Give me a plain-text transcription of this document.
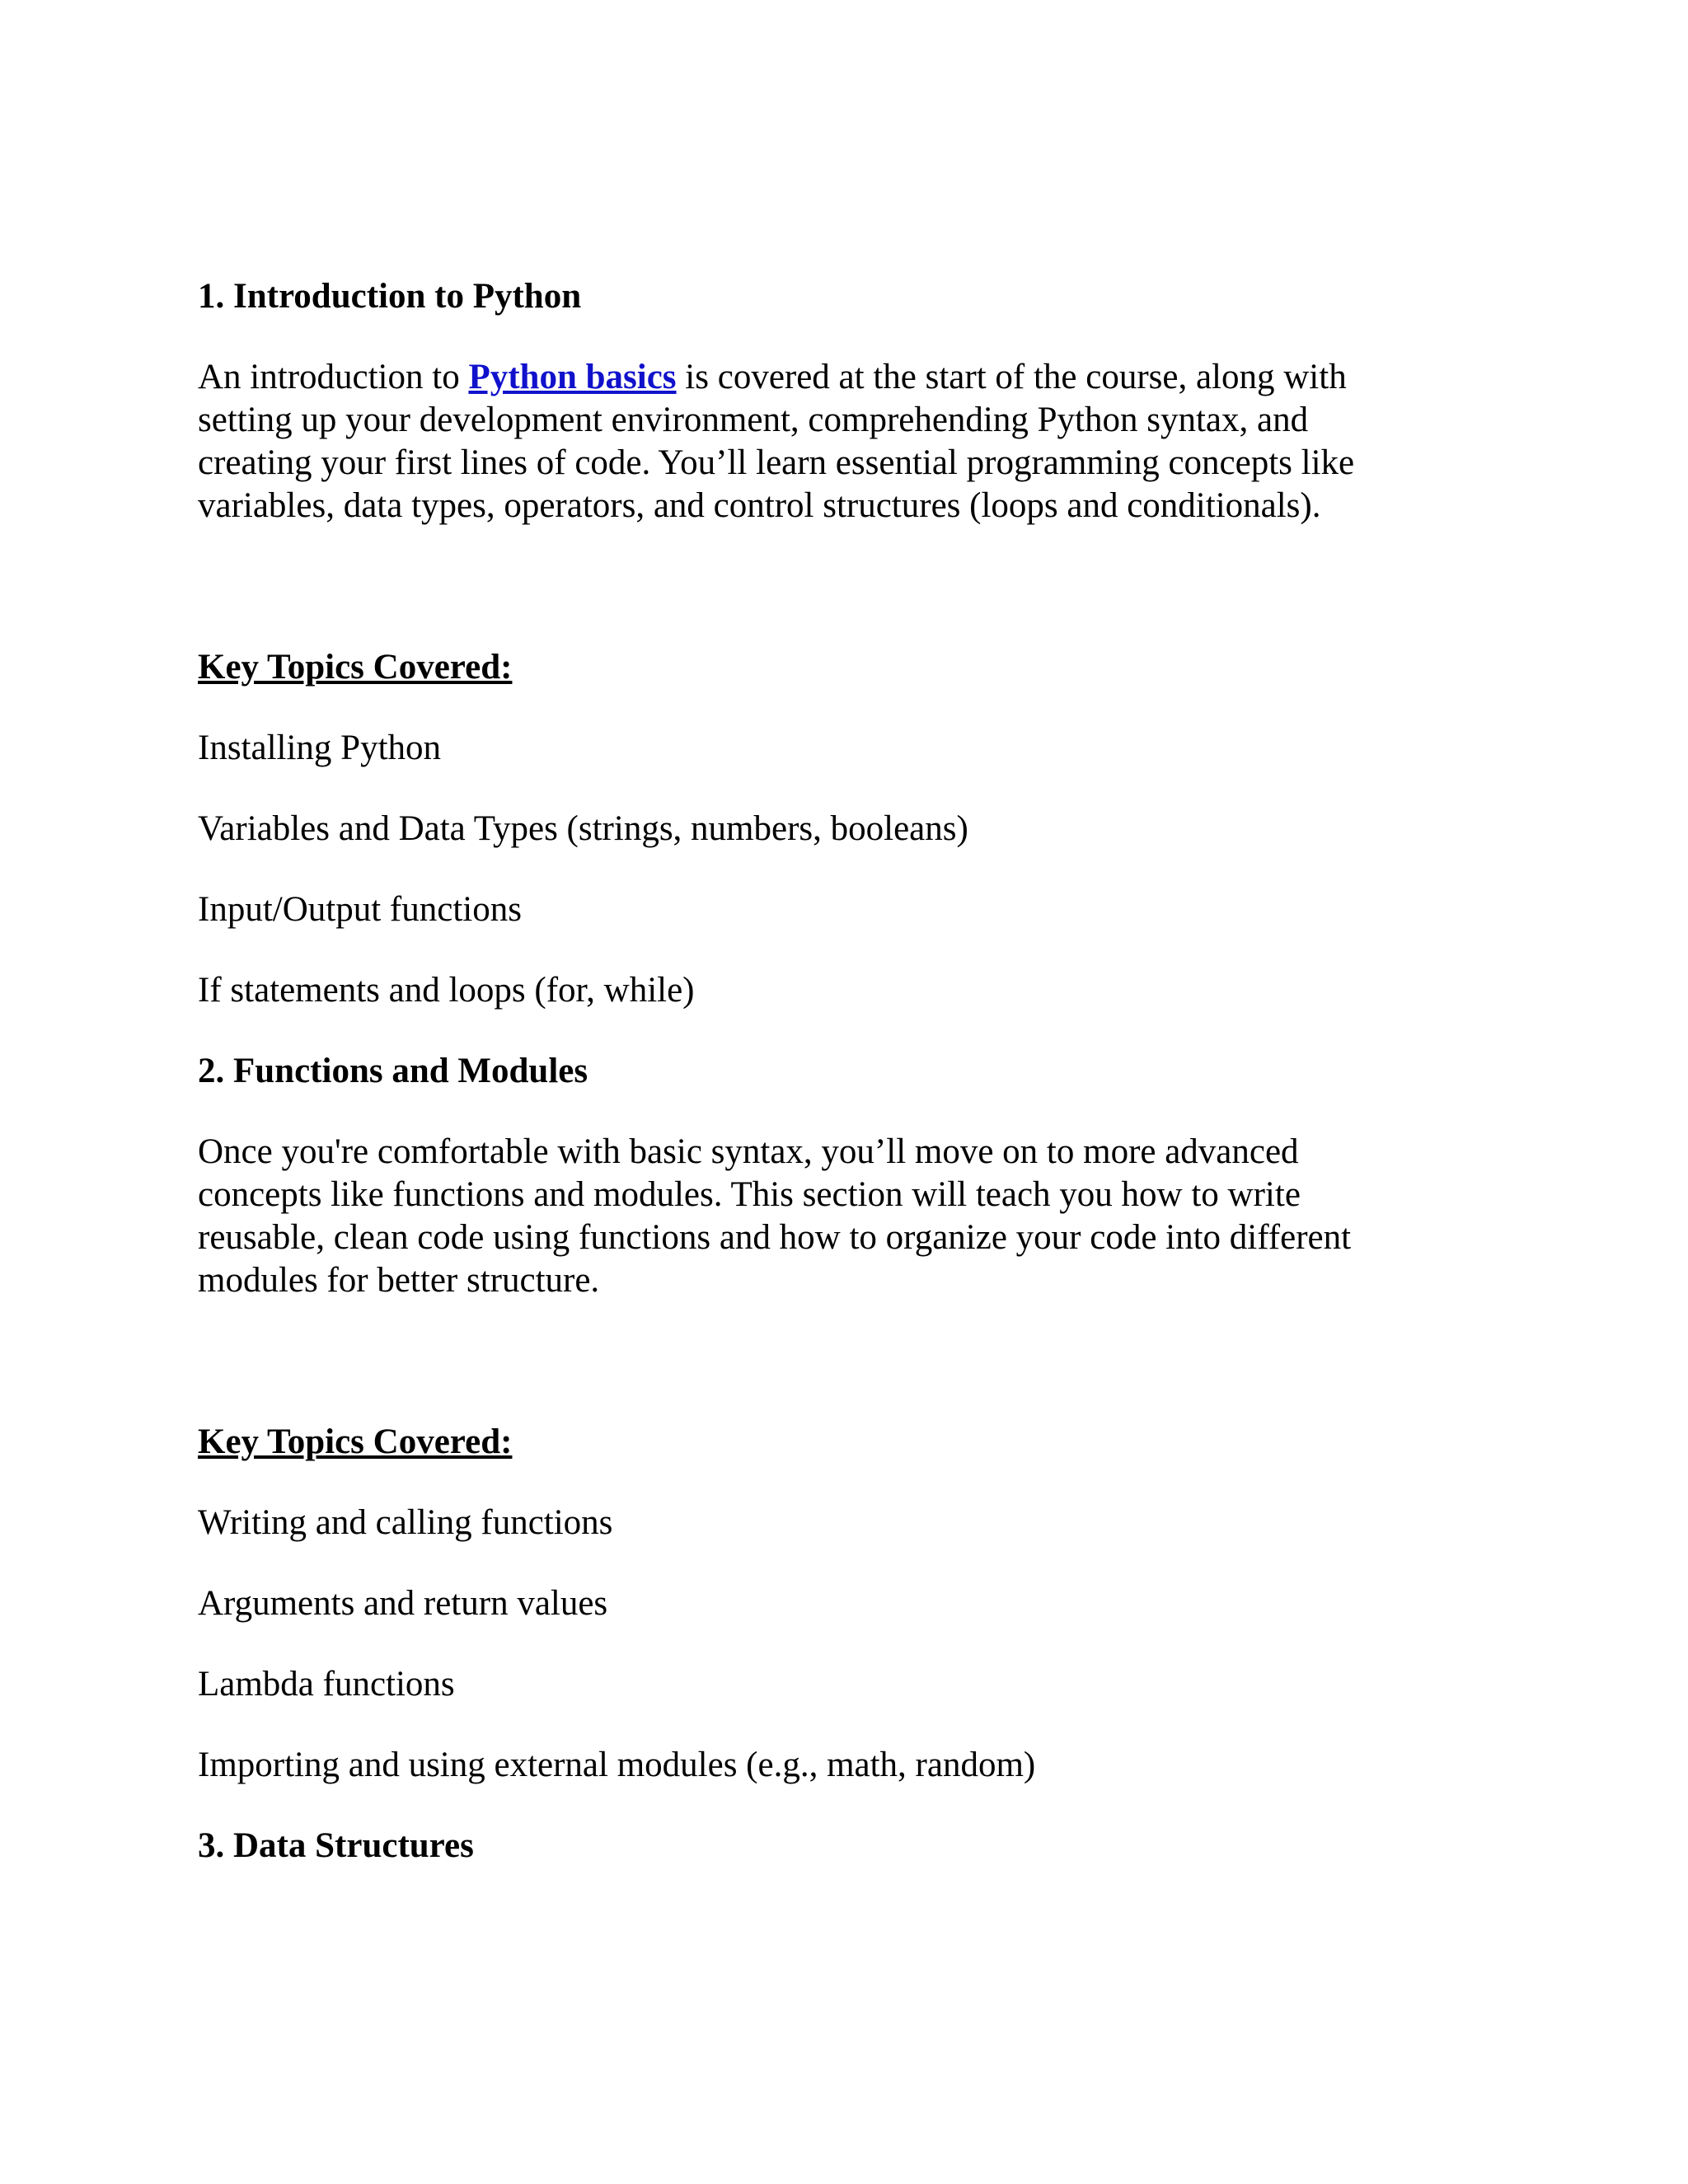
1. Introduction to Python

An introduction to Python basics is covered at the start of the course, along with
setting up your development environment, comprehending Python syntax, and
creating your first lines of code. You’ll learn essential programming concepts like
variables, data types, operators, and control structures (loops and conditionals).

Key Topics Covered:

Installing Python

Variables and Data Types (strings, numbers, booleans)

Input/Output functions

If statements and loops (for, while)

2. Functions and Modules

Once you're comfortable with basic syntax, you’ll move on to more advanced
concepts like functions and modules. This section will teach you how to write
reusable, clean code using functions and how to organize your code into different
modules for better structure.

Key Topics Covered:

Writing and calling functions

Arguments and return values

Lambda functions

Importing and using external modules (e.g., math, random)

3. Data Structures
